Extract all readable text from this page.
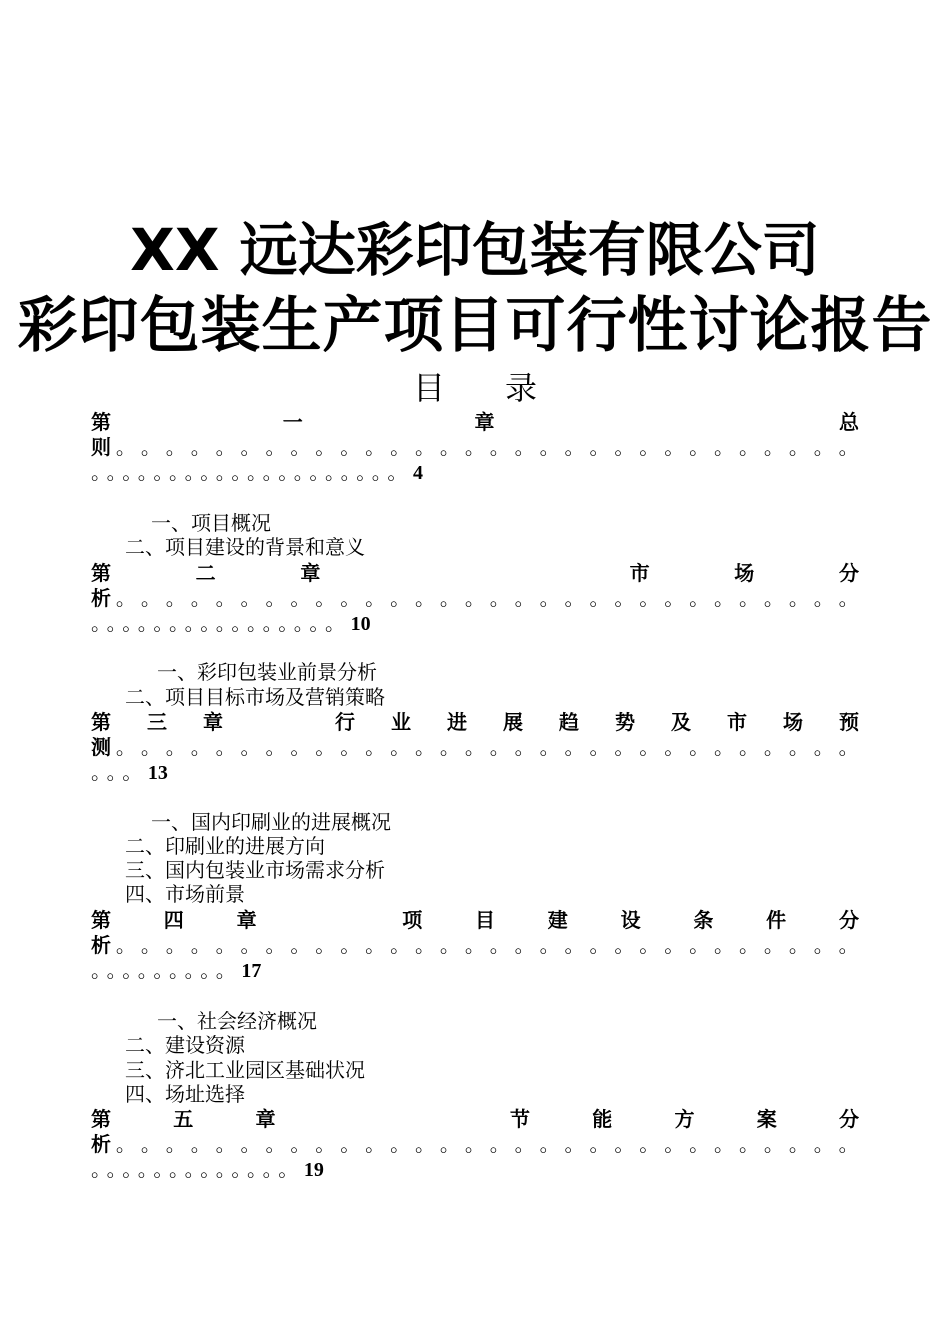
XX 远达彩印包装有限公司
彩印包装生产项目可行性讨论报告
目录
第	一	章	总
则 。 。 。 。 。 。 。 。 。 。 。 。 。 。 。 。 。 。 。 。 。 。 。 。 。 。 。 。 。 。
。。。。。。。。。。。。。。。。。。。。4
一、项目概况
二、项目建设的背景和意义
第	二	章	市	场	分
析 。 。 。 。 。 。 。 。 。 。 。 。 。 。 。 。 。 。 。 。 。 。 。 。 。 。 。 。 。 。
。。。。。。。。。。。。。。。。10
一、彩印包装业前景分析
二、项目目标市场及营销策略
第 三 章	行 业 进 展 趋 势 及 市 场 预
测 。 。 。 。 。 。 。 。 。 。 。 。 。 。 。 。 。 。 。 。 。 。 。 。 。 。 。 。 。 。
。。。13
一、国内印刷业的进展概况
二、印刷业的进展方向
三、国内包装业市场需求分析
四、市场前景
第	四	章	项	目	建	设	条	件	分
析 。 。 。 。 。 。 。 。 。 。 。 。 。 。 。 。 。 。 。 。 。 。 。 。 。 。 。 。 。 。
。。。。。。。。。17
一、社会经济概况
二、建设资源
三、济北工业园区基础状况
四、场址选择
第	五	章	节	能	方	案	分
析 。 。 。 。 。 。 。 。 。 。 。 。 。 。 。 。 。 。 。 。 。 。 。 。 。 。 。 。 。 。
。。。。。。。。。。。。。19
